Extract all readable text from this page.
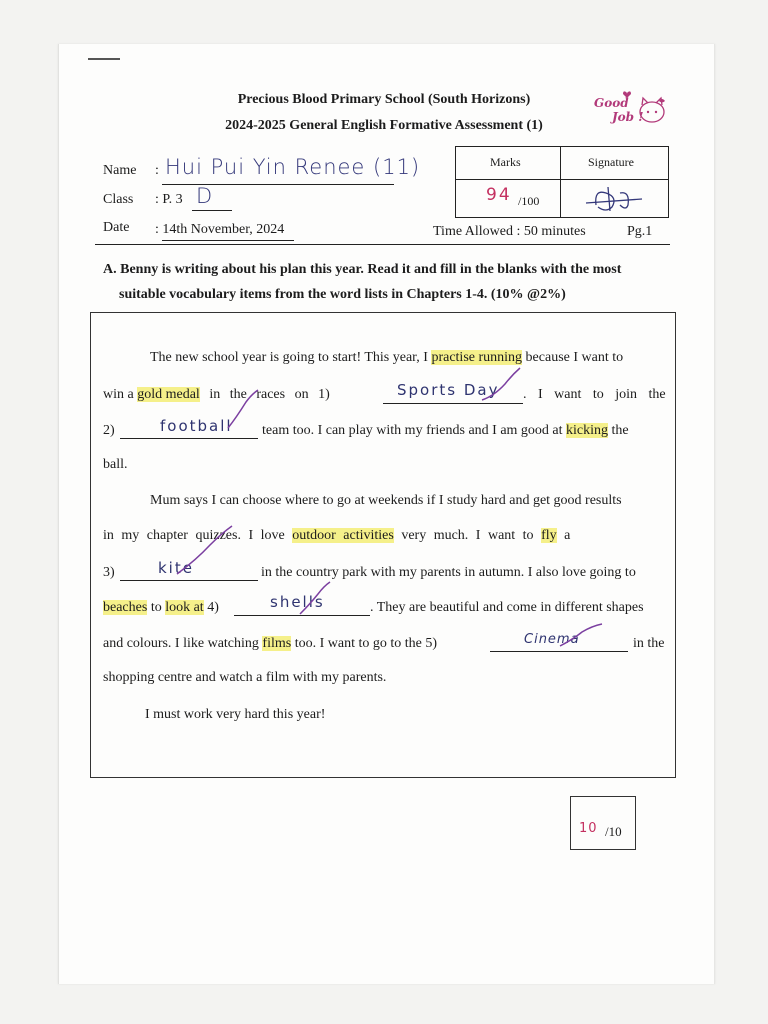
Precious Blood Primary School (South Horizons)
2024-2025 General English Formative Assessment (1)
Good
Job !
Name : Hui Pui Yin Renee (11)
Class : P. 3 D
Date : 14th November, 2024
Marks	Signature
94 /100
Time Allowed : 50 minutes	Pg.1
A. Benny is writing about his plan this year. Read it and fill in the blanks with the most
suitable vocabulary items from the word lists in Chapters 1-4. (10% @2%)
The new school year is going to start! This year, I practise running because I want to
win a gold medal in the races on 1)	Sports Day . I want to join the
2)	football team too. I can play with my friends and I am good at kicking the
ball.
Mum says I can choose where to go at weekends if I study hard and get good results
in my chapter quizzes. I love outdoor activities very much. I want to fly a
3)	kite	in the country park with my parents in autumn. I also love going to
beaches to look at 4)	shells	. They are beautiful and come in different shapes
and colours. I like watching films too. I want to go to the 5)	Cinema	in the
shopping centre and watch a film with my parents.
I must work very hard this year!
10 /10
